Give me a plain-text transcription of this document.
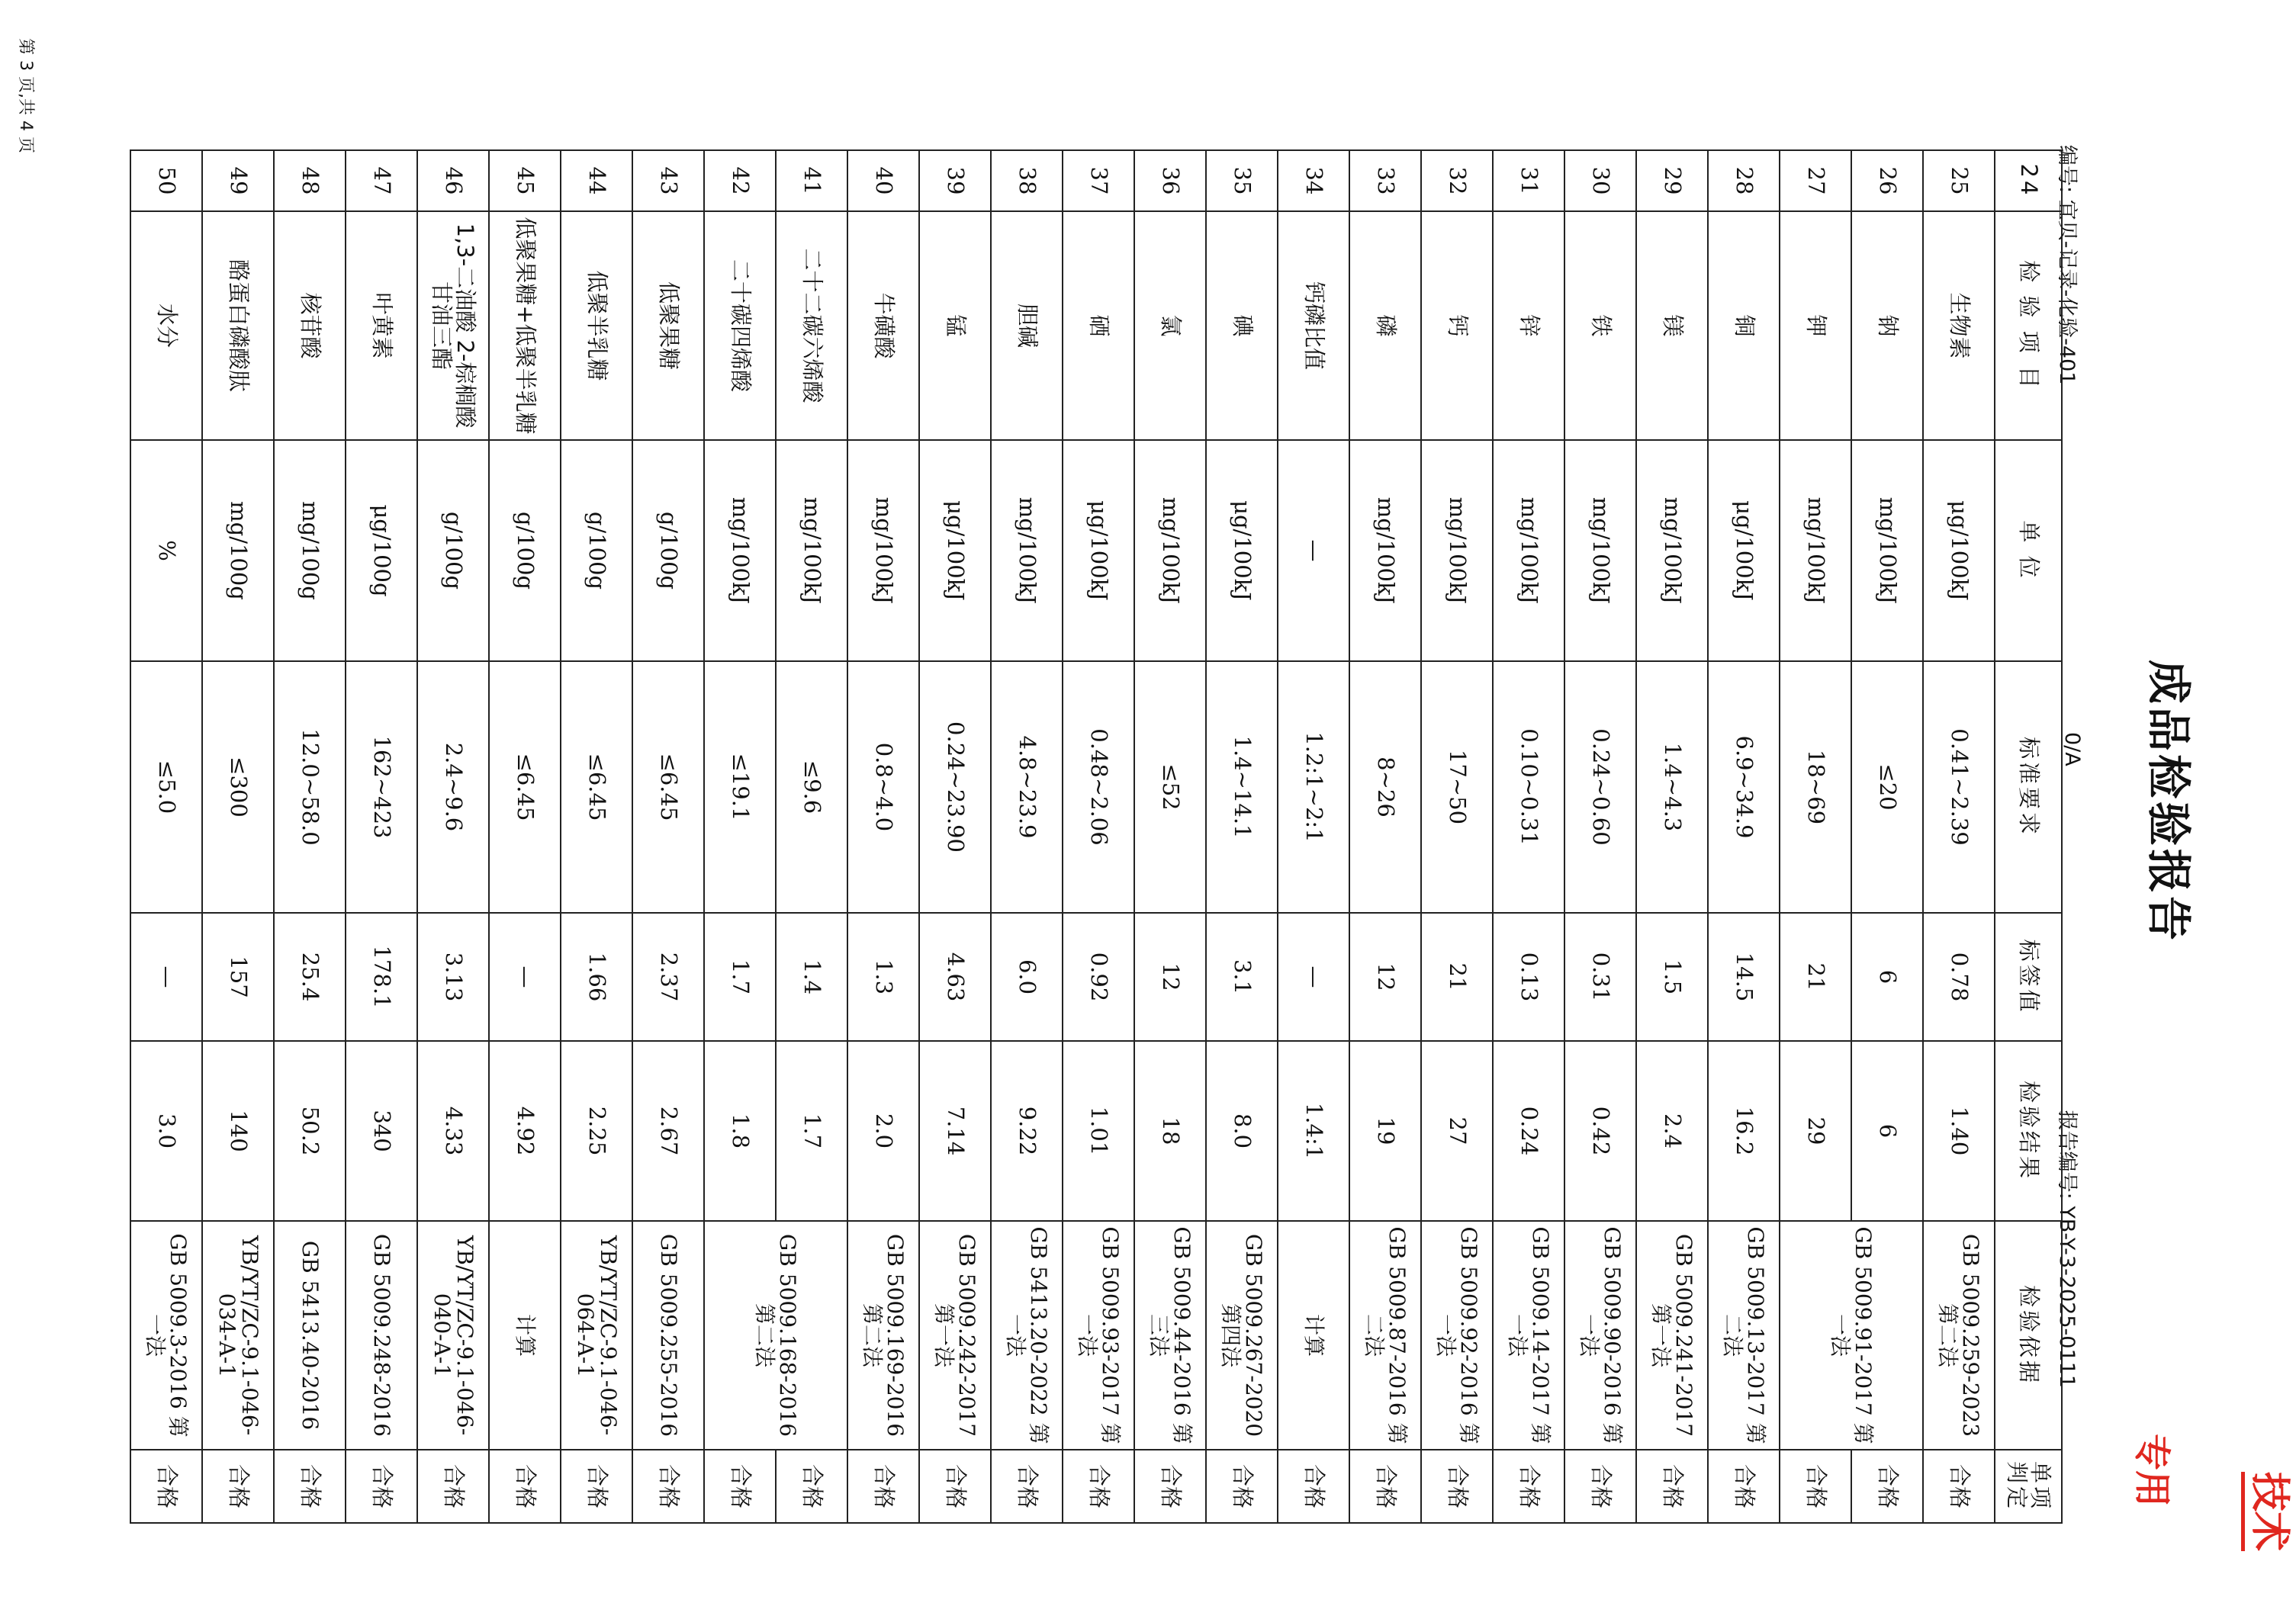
技术
专用
成品检验报告
编号: 宜贝-记录-化验-401
0/A
报告编号: YB-Y-3-2025-0111
24	检 验 项 目	单 位	标准要求	标签值	检验结果	检验依据	单项判定
25	生物素	μg/100kJ	0.41~2.39	0.78	1.40	GB 5009.259-2023 第二法	合格
26	钠	mg/100kJ	≤20	6	6	GB 5009.91-2017 第一法	合格
27	钾	mg/100kJ	18~69	21	29		合格
28	铜	μg/100kJ	6.9~34.9	14.5	16.2	GB 5009.13-2017 第二法	合格
29	镁	mg/100kJ	1.4~4.3	1.5	2.4	GB 5009.241-2017 第一法	合格
30	铁	mg/100kJ	0.24~0.60	0.31	0.42	GB 5009.90-2016 第一法	合格
31	锌	mg/100kJ	0.10~0.31	0.13	0.24	GB 5009.14-2017 第一法	合格
32	钙	mg/100kJ	17~50	21	27	GB 5009.92-2016 第一法	合格
33	磷	mg/100kJ	8~26	12	19	GB 5009.87-2016 第二法	合格
34	钙磷比值	—	1.2:1~2:1	—	1.4:1	计算	合格
35	碘	μg/100kJ	1.4~14.1	3.1	8.0	GB 5009.267-2020 第四法	合格
36	氯	mg/100kJ	≤52	12	18	GB 5009.44-2016 第三法	合格
37	硒	μg/100kJ	0.48~2.06	0.92	1.01	GB 5009.93-2017 第一法	合格
38	胆碱	mg/100kJ	4.8~23.9	6.0	9.22	GB 5413.20-2022 第一法	合格
39	锰	μg/100kJ	0.24~23.90	4.63	7.14	GB 5009.242-2017 第一法	合格
40	牛磺酸	mg/100kJ	0.8~4.0	1.3	2.0	GB 5009.169-2016 第二法	合格
41	二十二碳六烯酸	mg/100kJ	≤9.6	1.4	1.7	GB 5009.168-2016 第二法	合格
42	二十碳四烯酸	mg/100kJ	≤19.1	1.7	1.8		合格
43	低聚果糖	g/100g	≤6.45	2.37	2.67	GB 5009.255-2016	合格
44	低聚半乳糖	g/100g	≤6.45	1.66	2.25	YB/YT/ZC-9.1-046-064-A-1	合格
45	低聚果糖+低聚半乳糖	g/100g	≤6.45	—	4.92	计算	合格
46	1,3-二油酸 2-棕榈酸甘油三酯	g/100g	2.4~9.6	3.13	4.33	YB/YT/ZC-9.1-046-040-A-1	合格
47	叶黄素	μg/100g	162~423	178.1	340	GB 5009.248-2016	合格
48	核苷酸	mg/100g	12.0~58.0	25.4	50.2	GB 5413.40-2016	合格
49	酪蛋白磷酸肽	mg/100g	≤300	157	140	YB/YT/ZC-9.1-046-034-A-1	合格
50	水分	%	≤5.0	—	3.0	GB 5009.3-2016 第一法	合格
第 3 页,共 4 页
